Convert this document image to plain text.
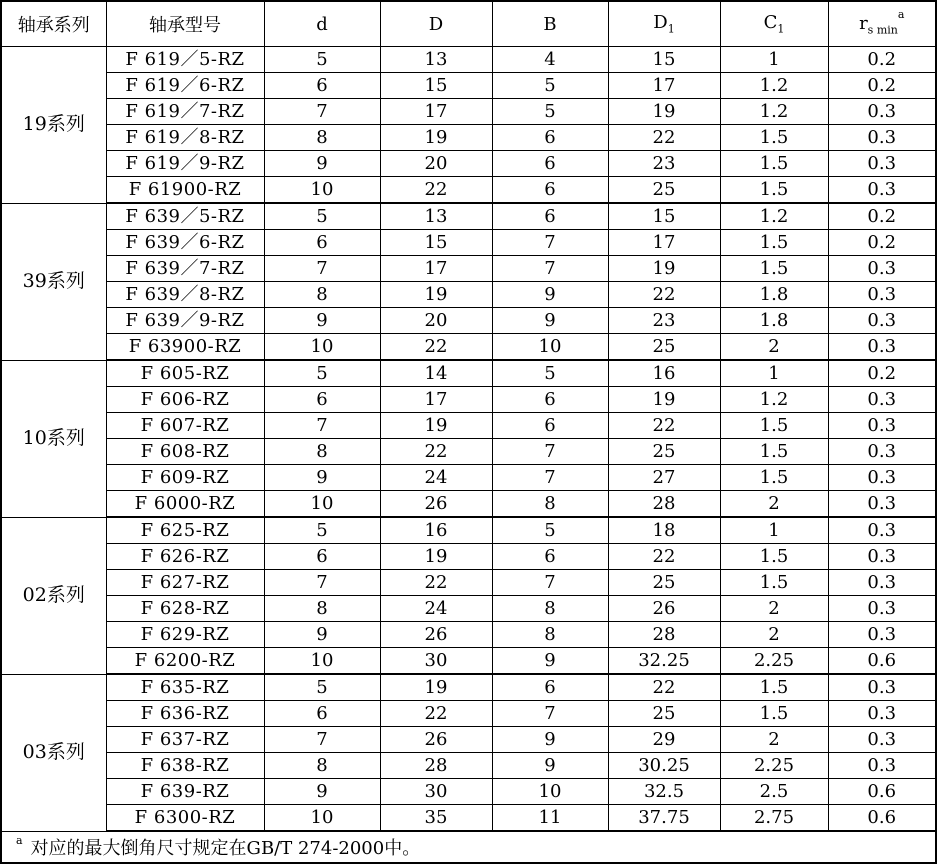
轴承系列	轴承型号	d	D	B	$D_1$	$C_1$	$r_{s min}^a$
19系列	F 619／5-RZ	5	13	4	15	1	0.2
	F 619／6-RZ	6	15	5	17	1.2	0.2
	F 619／7-RZ	7	17	5	19	1.2	0.3
	F 619／8-RZ	8	19	6	22	1.5	0.3
	F 619／9-RZ	9	20	6	23	1.5	0.3
	F 61900-RZ	10	22	6	25	1.5	0.3
39系列	F 639／5-RZ	5	13	6	15	1.2	0.2
	F 639／6-RZ	6	15	7	17	1.5	0.2
	F 639／7-RZ	7	17	7	19	1.5	0.3
	F 639／8-RZ	8	19	9	22	1.8	0.3
	F 639／9-RZ	9	20	9	23	1.8	0.3
	F 63900-RZ	10	22	10	25	2	0.3
10系列	F 605-RZ	5	14	5	16	1	0.2
	F 606-RZ	6	17	6	19	1.2	0.3
	F 607-RZ	7	19	6	22	1.5	0.3
	F 608-RZ	8	22	7	25	1.5	0.3
	F 609-RZ	9	24	7	27	1.5	0.3
	F 6000-RZ	10	26	8	28	2	0.3
02系列	F 625-RZ	5	16	5	18	1	0.3
	F 626-RZ	6	19	6	22	1.5	0.3
	F 627-RZ	7	22	7	25	1.5	0.3
	F 628-RZ	8	24	8	26	2	0.3
	F 629-RZ	9	26	8	28	2	0.3
	F 6200-RZ	10	30	9	32.25	2.25	0.6
03系列	F 635-RZ	5	19	6	22	1.5	0.3
	F 636-RZ	6	22	7	25	1.5	0.3
	F 637-RZ	7	26	9	29	2	0.3
	F 638-RZ	8	28	9	30.25	2.25	0.3
	F 639-RZ	9	30	10	32.5	2.5	0.6
	F 6300-RZ	10	35	11	37.75	2.75	0.6
$^a$ 对应的最大倒角尺寸规定在GB/T 274-2000中。							
